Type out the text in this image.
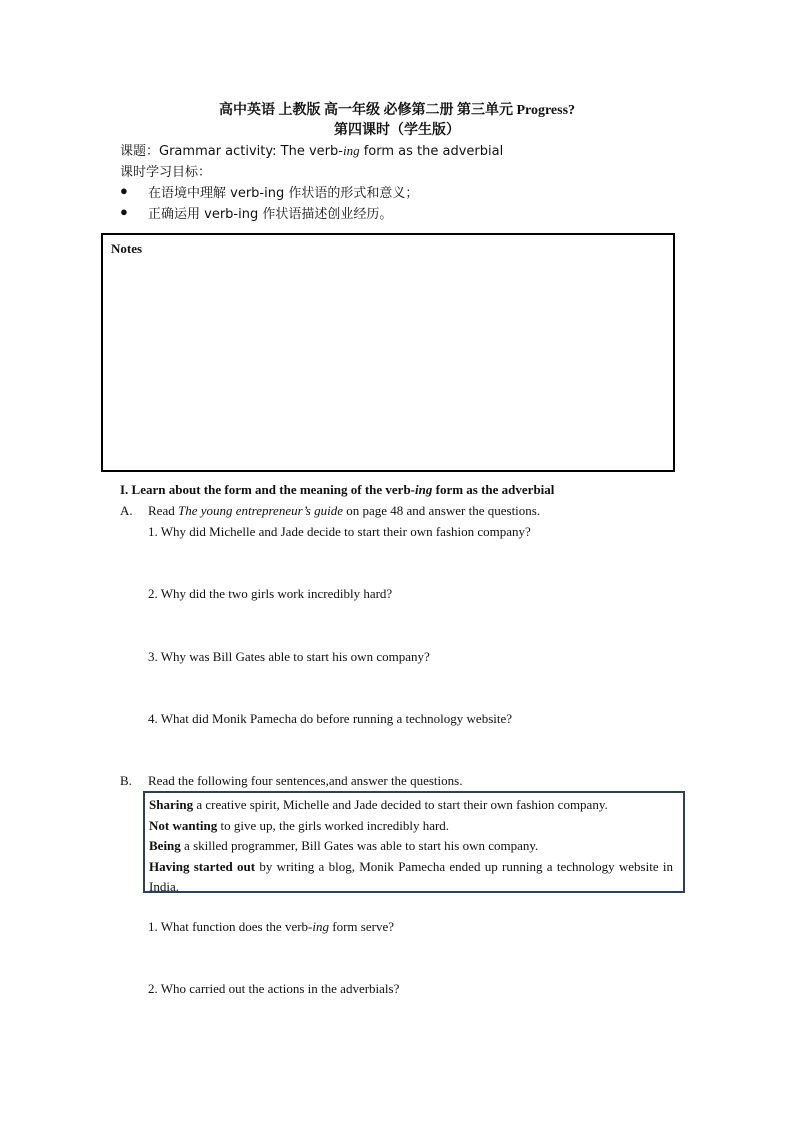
高中英语 上教版 高一年级 必修第二册 第三单元 Progress?
第四课时（学生版）
课题：Grammar activity: The verb-ing form as the adverbial
课时学习目标：
● 在语境中理解 verb-ing 作状语的形式和意义；
● 正确运用 verb-ing 作状语描述创业经历。
Notes
I. Learn about the form and the meaning of the verb-ing form as the adverbial
A. Read The young entrepreneur’s guide on page 48 and answer the questions.
1. Why did Michelle and Jade decide to start their own fashion company?
2. Why did the two girls work incredibly hard?
3. Why was Bill Gates able to start his own company?
4. What did Monik Pamecha do before running a technology website?
B. Read the following four sentences,and answer the questions.

Sharing a creative spirit, Michelle and Jade decided to start their own fashion company.

Not wanting to give up, the girls worked incredibly hard.

Being a skilled programmer, Bill Gates was able to start his own company.

Having started out by writing a blog, Monik Pamecha ended up running a technology website in India.

1. What function does the verb-ing form serve?
2. Who carried out the actions in the adverbials?
